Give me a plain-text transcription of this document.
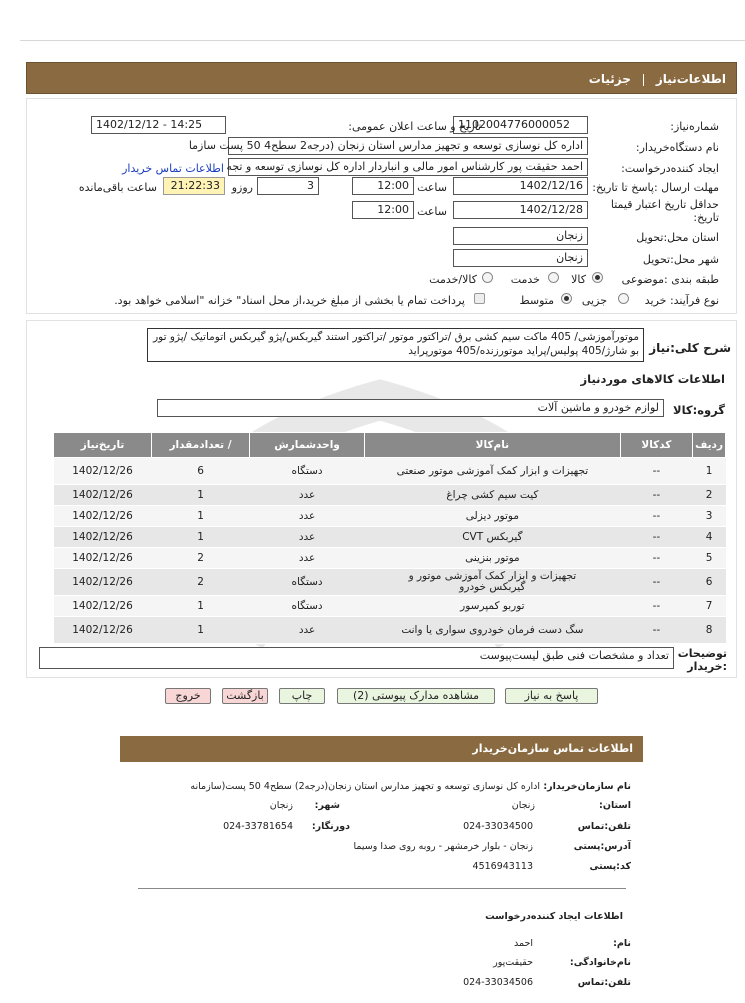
اطلاعات‌نیاز
جزئیات
شماره‌نیاز:
1102004776000052
تاریخ و ساعت اعلان عمومی:
1402/12/12 - 14:25
نام دستگاه‌خریدار:
اداره کل نوسازی توسعه و تجهیز مدارس استان زنجان (درجه2 سطح4 50 پست سازما
ایجاد کننده‌درخواست:
احمد حقیقت پور کارشناس امور مالی و انباردار اداره کل نوسازی توسعه و تجه
اطلاعات تماس خریدار
مهلت ارسال :پاسخ تا تاریخ:
1402/12/16
ساعت
12:00
3
روزو
21:22:33
ساعت باقی‌مانده
حداقل تاریخ اعتبار قیمتا
تاریخ:
1402/12/28
ساعت
12:00
استان محل:تحویل
زنجان
شهر محل:تحویل
زنجان
طبقه بندی :موضوعی
کالا
خدمت
کالا/خدمت
نوع فرآیند: خرید
جزیی
متوسط
پرداخت تمام یا بخشی از مبلغ خرید،از محل اسناد" خزانه "اسلامی خواهد بود.
شرح کلی:نیاز
موتورآموزشی/ 405 ماکت سیم کشی برق /تراکتور موتور /تراکتور استند گیربکس/پژو گیربکس اتوماتیک /پژو تور بو شارژ/405 پولیس/پراید موتورزنده/405 موتورپراید
اطلاعات کالاهای موردنیاز
گروه:کالا
لوازم خودرو و ماشین آلات
ردیف	کدکالا	نام‌کالا	واحدشمارش	/ تعدادمقدار	تاریخ‌نیاز
1	--	تجهیزات و ابزار کمک آموزشی موتور صنعتی	دستگاه	6	1402/12/26
2	--	کیت سیم کشی چراغ	عدد	1	1402/12/26
3	--	موتور دیزلی	عدد	1	1402/12/26
4	--	گیربکس CVT	عدد	1	1402/12/26
5	--	موتور بنزینی	عدد	2	1402/12/26
6	--	تجهیزات و ابزار کمک آموزشی موتور و گیربکس خودرو	دستگاه	2	1402/12/26
7	--	توربو کمپرسور	دستگاه	1	1402/12/26
8	--	سگ دست فرمان خودروی سواری یا وانت	عدد	1	1402/12/26
توضیحات
:خریدار
تعداد و مشخصات فنی طبق لیست‌پیوست
پاسخ به نیاز
مشاهده مدارک پیوستی (2)
چاپ
بازگشت
خروج
اطلاعات تماس سازمان‌خریدار
نام سازمان‌خریدار:
اداره کل نوسازی توسعه و تجهیز مدارس استان زنجان(درجه2) سطح4 50 پست(سازمانه
استان:
زنجان
شهر:
زنجان
تلفن:تماس
024-33034500
دورنگار:
024-33781654
آدرس:پستی
زنجان - بلوار خرمشهر - روبه روی صدا وسیما
کد:پستی
4516943113
اطلاعات ایجاد کننده‌درخواست
نام:
احمد
نام‌خانوادگی:
حقیقت‌پور
تلفن:تماس
024-33034506
